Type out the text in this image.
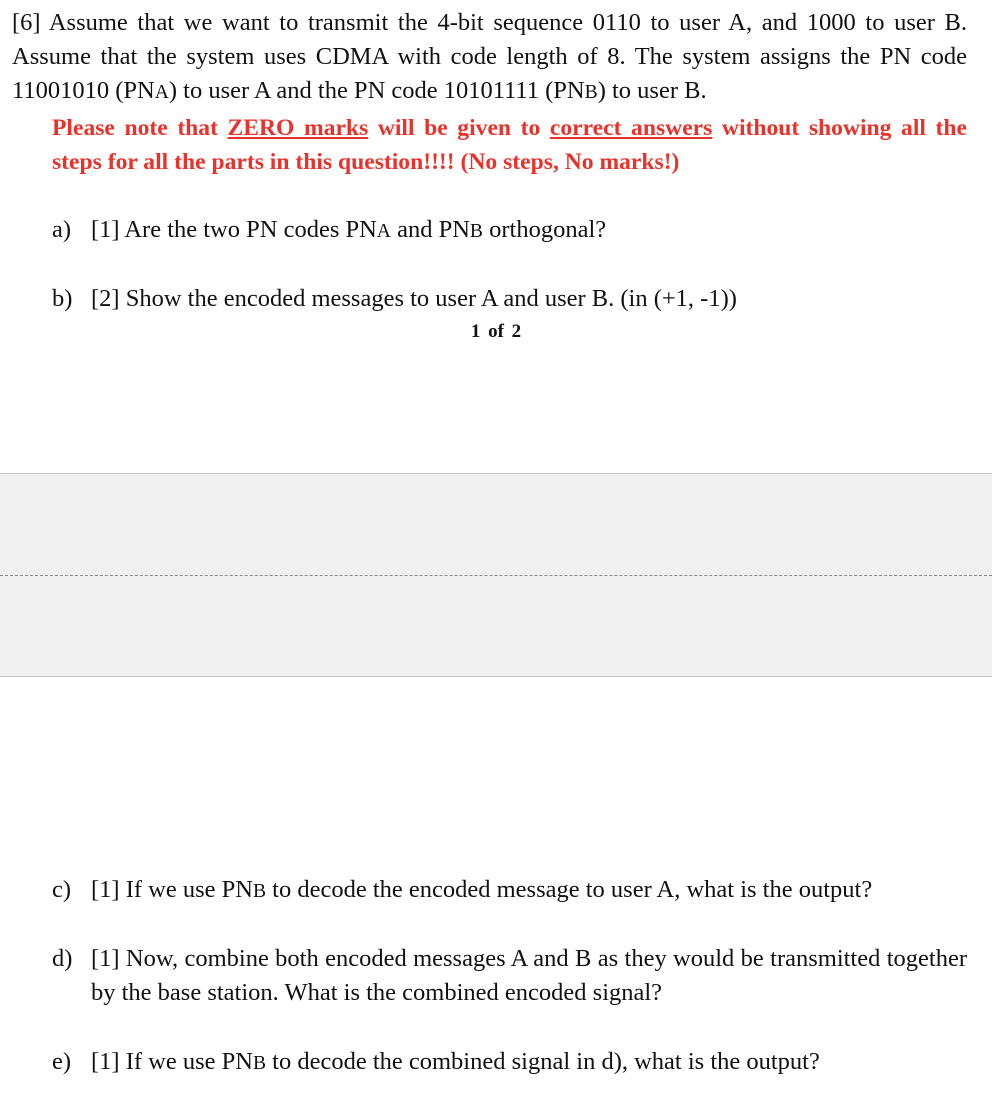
[6] Assume that we want to transmit the 4-bit sequence 0110 to user A, and 1000 to user B. Assume that the system uses CDMA with code length of 8. The system assigns the PN code 11001010 (PNA) to user A and the PN code 10101111 (PNB) to user B.

Please note that ZERO marks will be given to correct answers without showing all the steps for all the parts in this question!!!! (No steps, No marks!)

a) [1] Are the two PN codes PNA and PNB orthogonal?
b) [2] Show the encoded messages to user A and user B. (in (+1, -1))
1 of 2
c) [1] If we use PNB to decode the encoded message to user A, what is the output?
d) [1] Now, combine both encoded messages A and B as they would be transmitted together by the base station. What is the combined encoded signal?
e) [1] If we use PNB to decode the combined signal in d), what is the output?
